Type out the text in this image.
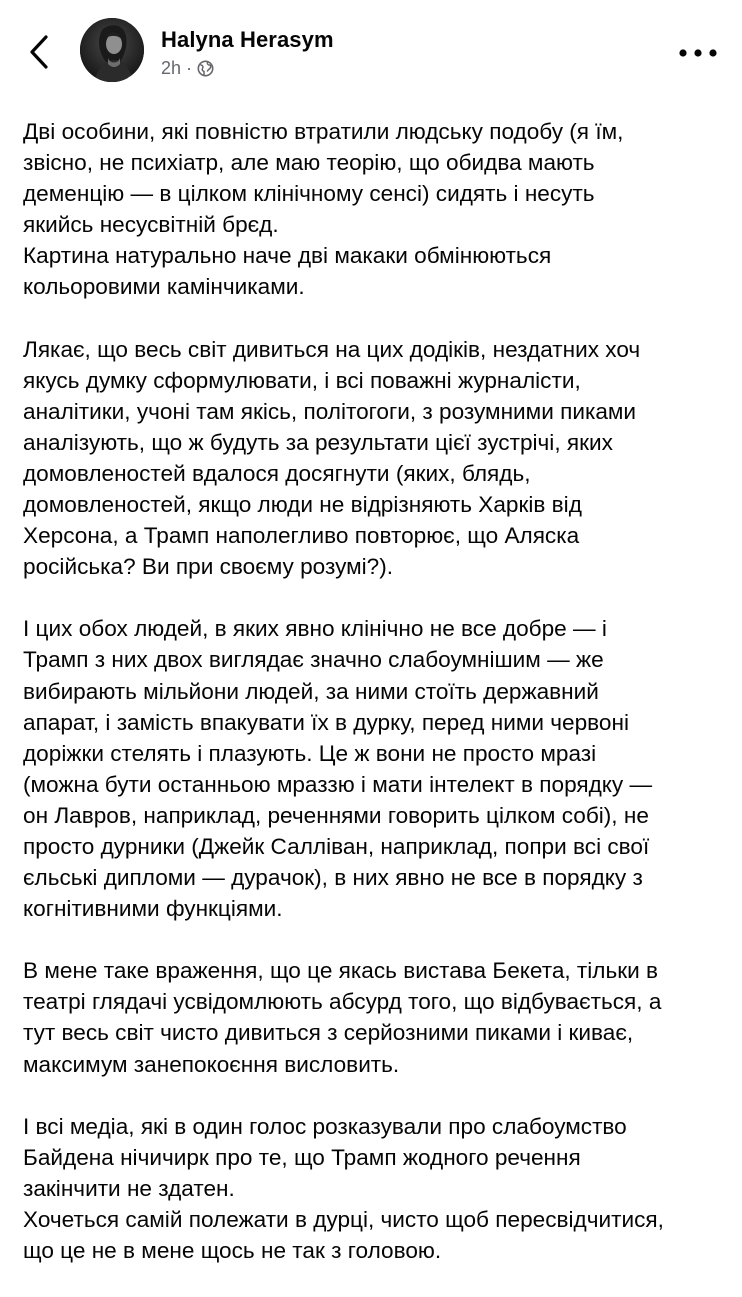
Halyna Herasym
2h ·

Дві особини, які повністю втратили людську подобу (я їм,
звісно, не психіатр, але маю теорію, що обидва мають
деменцію — в цілком клінічному сенсі) сидять і несуть
якийсь несусвітній брєд.
Картина натурально наче дві макаки обмінюються
кольоровими камінчиками.

Лякає, що весь світ дивиться на цих додіків, нездатних хоч
якусь думку сформулювати, і всі поважні журналісти,
аналітики, учоні там якісь, політогоги, з розумними пиками
аналізують, що ж будуть за результати цієї зустрічі, яких
домовленостей вдалося досягнути (яких, блядь,
домовленостей, якщо люди не відрізняють Харків від
Херсона, а Трамп наполегливо повторює, що Аляска
російська? Ви при своєму розумі?).

І цих обох людей, в яких явно клінічно не все добре — і
Трамп з них двох виглядає значно слабоумнішим — же
вибирають мільйони людей, за ними стоїть державний
апарат, і замість впакувати їх в дурку, перед ними червоні
доріжки стелять і плазують. Це ж вони не просто мразі
(можна бути останньою мраззю і мати інтелект в порядку —
он Лавров, наприклад, реченнями говорить цілком собі), не
просто дурники (Джейк Салліван, наприклад, попри всі свої
єльські дипломи — дурачок), в них явно не все в порядку з
когнітивними функціями.

В мене таке враження, що це якась вистава Бекета, тільки в
театрі глядачі усвідомлюють абсурд того, що відбувається, а
тут весь світ чисто дивиться з серйозними пиками і киває,
максимум занепокоєння висловить.

І всі медіа, які в один голос розказували про слабоумство
Байдена нічичирк про те, що Трамп жодного речення
закінчити не здатен.
Хочеться самій полежати в дурці, чисто щоб пересвідчитися,
що це не в мене щось не так з головою.
